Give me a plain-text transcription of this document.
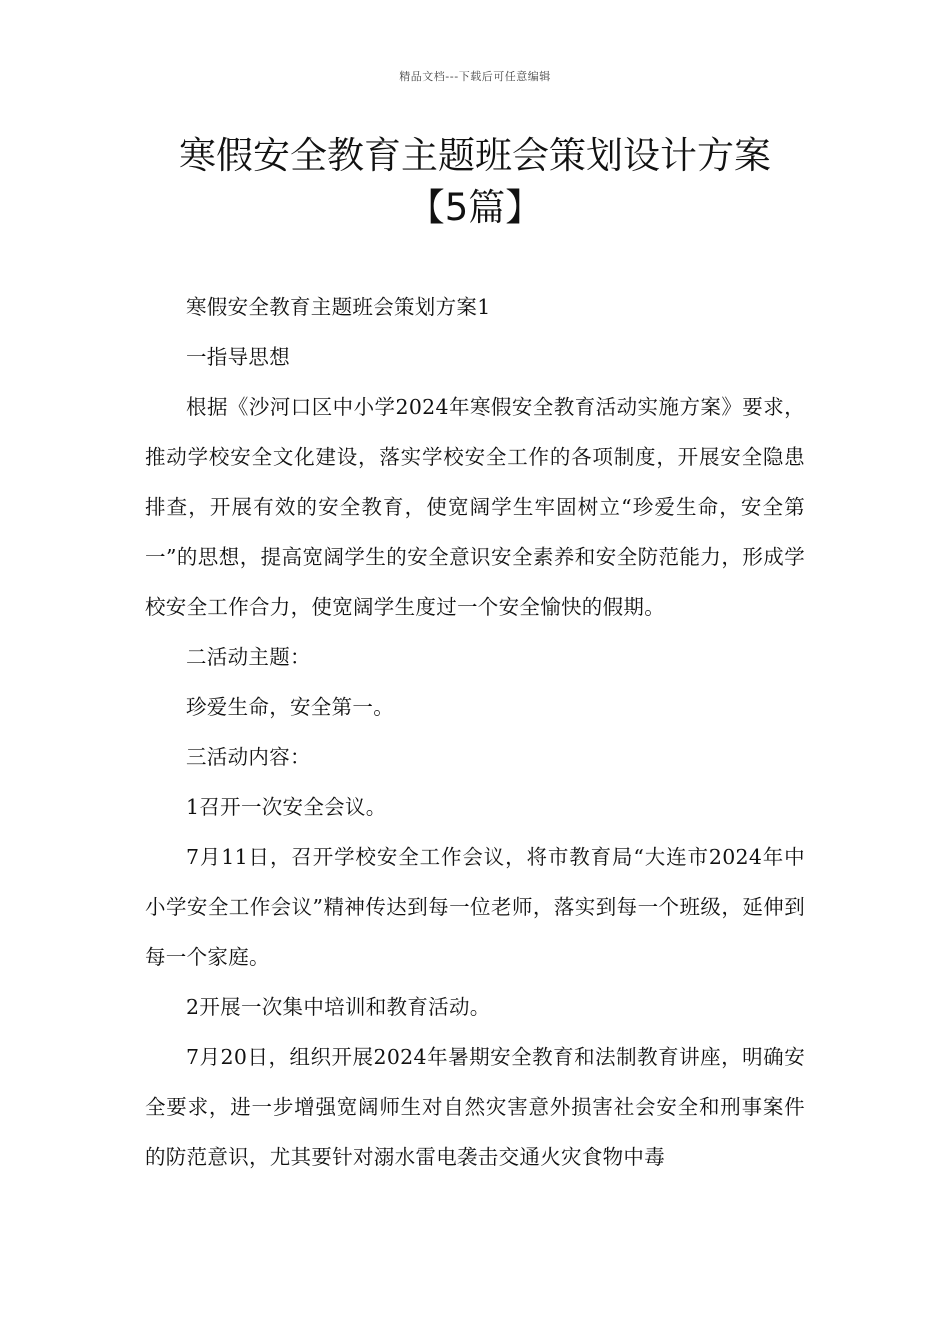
精品文档---下载后可任意编辑
寒假安全教育主题班会策划设计方案
【5篇】

寒假安全教育主题班会策划方案1

一指导思想

根据《沙河口区中小学2024年寒假安全教育活动实施方案》要求，推动学校安全文化建设，落实学校安全工作的各项制度，开展安全隐患排查，开展有效的安全教育，使宽阔学生牢固树立“珍爱生命，安全第一”的思想，提高宽阔学生的安全意识安全素养和安全防范能力，形成学校安全工作合力，使宽阔学生度过一个安全愉快的假期。

二活动主题：

珍爱生命，安全第一。

三活动内容：

1召开一次安全会议。

7月11日，召开学校安全工作会议，将市教育局“大连市2024年中小学安全工作会议”精神传达到每一位老师，落实到每一个班级，延伸到每一个家庭。

2开展一次集中培训和教育活动。

7月20日，组织开展2024年暑期安全教育和法制教育讲座，明确安全要求，进一步增强宽阔师生对自然灾害意外损害社会安全和刑事案件的防范意识，尤其要针对溺水雷电袭击交通火灾食物中毒
